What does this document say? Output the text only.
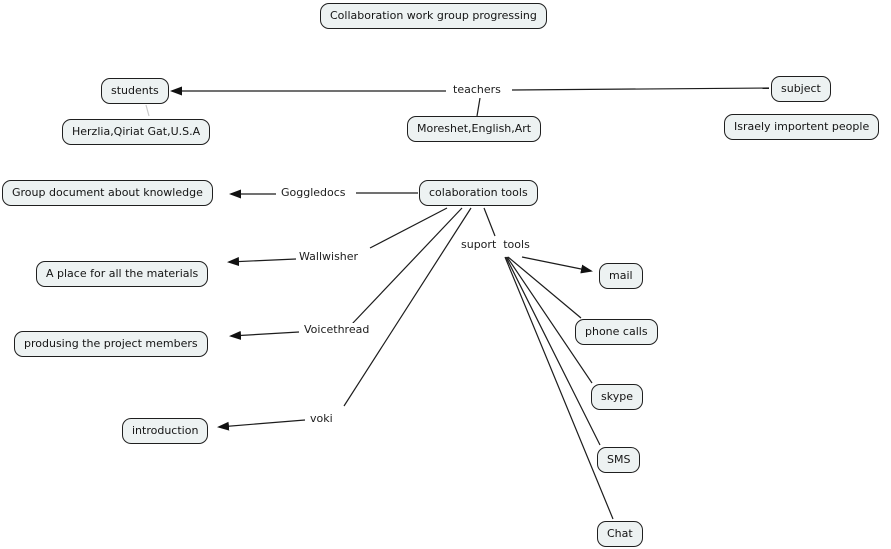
Collaboration work group progressing
students
Herzlia,Qiriat Gat,U.S.A	Moreshet,English,Art
subject
Israely importent people
Group document about knowledge	colaboration tools
A place for all the materials
produsing the project members
introduction
mail
phone calls
skype
SMS
Chat
teachers
Goggledocs
Wallwisher
Voicethread
voki
suport  tools
